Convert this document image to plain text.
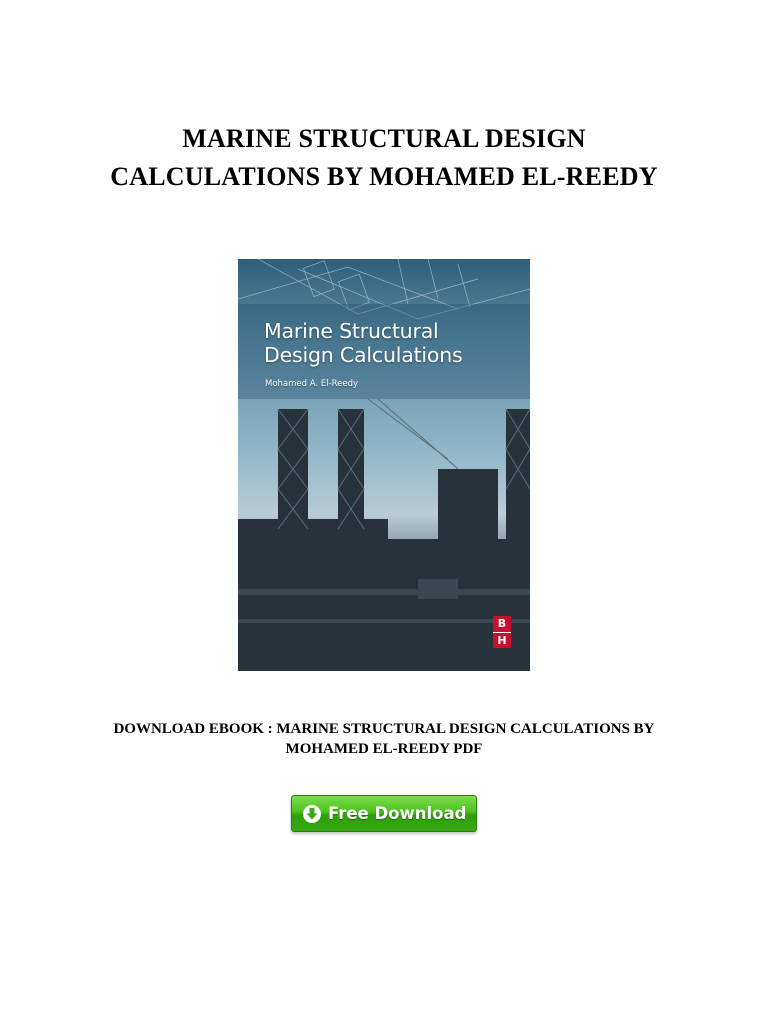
MARINE STRUCTURAL DESIGN
CALCULATIONS BY MOHAMED EL-REEDY
Marine Structural
Design Calculations
Mohamed A. El-Reedy
B
H
DOWNLOAD EBOOK : MARINE STRUCTURAL DESIGN CALCULATIONS BY
MOHAMED EL-REEDY PDF
Free Download
